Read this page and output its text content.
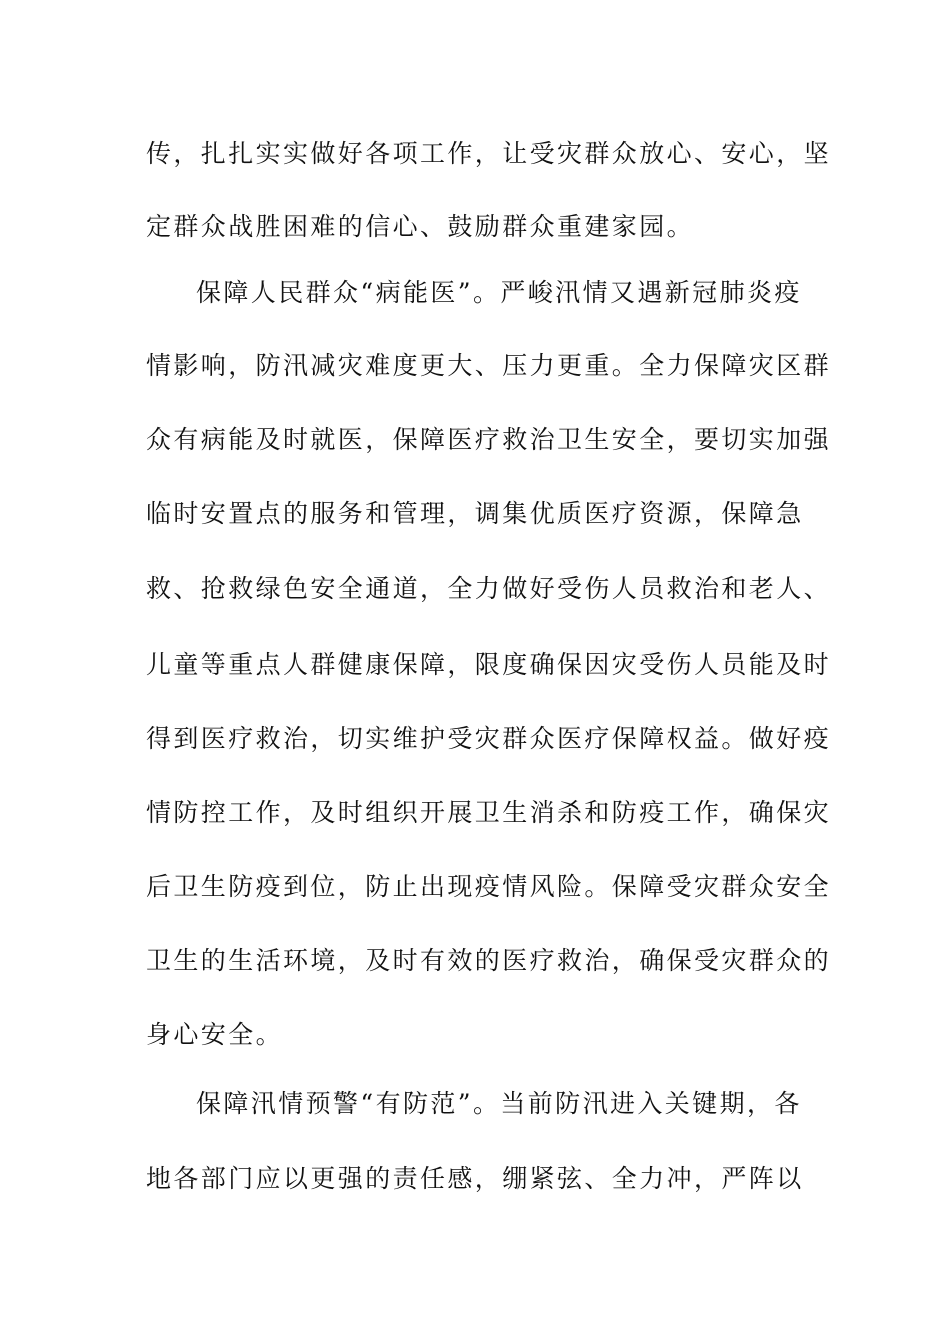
传，扎扎实实做好各项工作，让受灾群众放心、安心，坚
定群众战胜困难的信心、鼓励群众重建家园。
保障人民群众“病能医”。严峻汛情又遇新冠肺炎疫
情影响，防汛减灾难度更大、压力更重。全力保障灾区群
众有病能及时就医，保障医疗救治卫生安全，要切实加强
临时安置点的服务和管理，调集优质医疗资源，保障急
救、抢救绿色安全通道，全力做好受伤人员救治和老人、
儿童等重点人群健康保障，限度确保因灾受伤人员能及时
得到医疗救治，切实维护受灾群众医疗保障权益。做好疫
情防控工作，及时组织开展卫生消杀和防疫工作，确保灾
后卫生防疫到位，防止出现疫情风险。保障受灾群众安全
卫生的生活环境，及时有效的医疗救治，确保受灾群众的
身心安全。
保障汛情预警“有防范”。当前防汛进入关键期，各
地各部门应以更强的责任感，绷紧弦、全力冲，严阵以
